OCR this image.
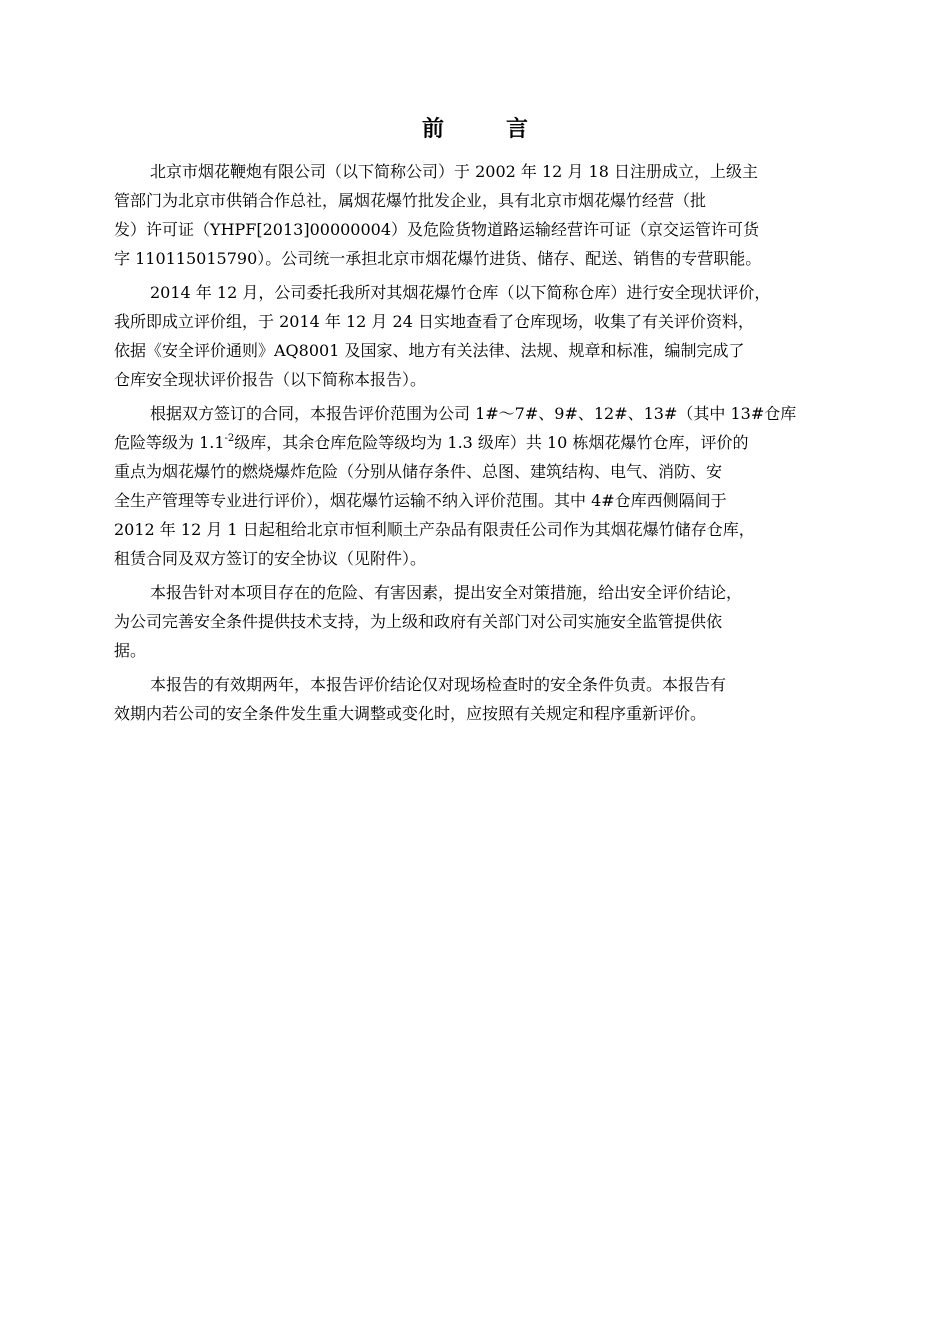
前　言
北京市烟花鞭炮有限公司（以下简称公司）于 2002 年 12 月 18 日注册成立，上级主
管部门为北京市供销合作总社，属烟花爆竹批发企业，具有北京市烟花爆竹经营（批
发）许可证（YHPF[2013]00000004）及危险货物道路运输经营许可证（京交运管许可货
字 110115015790）。公司统一承担北京市烟花爆竹进货、储存、配送、销售的专营职能。
2014 年 12 月，公司委托我所对其烟花爆竹仓库（以下简称仓库）进行安全现状评价，
我所即成立评价组，于 2014 年 12 月 24 日实地查看了仓库现场，收集了有关评价资料，
依据《安全评价通则》AQ8001 及国家、地方有关法律、法规、规章和标准，编制完成了
仓库安全现状评价报告（以下简称本报告）。
根据双方签订的合同，本报告评价范围为公司 1#～7#、9#、12#、13#（其中 13#仓库
危险等级为 $1.1^{-2}$级库，其余仓库危险等级均为 1.3 级库）共 10 栋烟花爆竹仓库，评价的
重点为烟花爆竹的燃烧爆炸危险（分别从储存条件、总图、建筑结构、电气、消防、安
全生产管理等专业进行评价），烟花爆竹运输不纳入评价范围。其中 4#仓库西侧隔间于
2012 年 12 月 1 日起租给北京市恒利顺土产杂品有限责任公司作为其烟花爆竹储存仓库，
租赁合同及双方签订的安全协议（见附件）。
本报告针对本项目存在的危险、有害因素，提出安全对策措施，给出安全评价结论，
为公司完善安全条件提供技术支持，为上级和政府有关部门对公司实施安全监管提供依
据。
本报告的有效期两年，本报告评价结论仅对现场检查时的安全条件负责。本报告有
效期内若公司的安全条件发生重大调整或变化时，应按照有关规定和程序重新评价。
